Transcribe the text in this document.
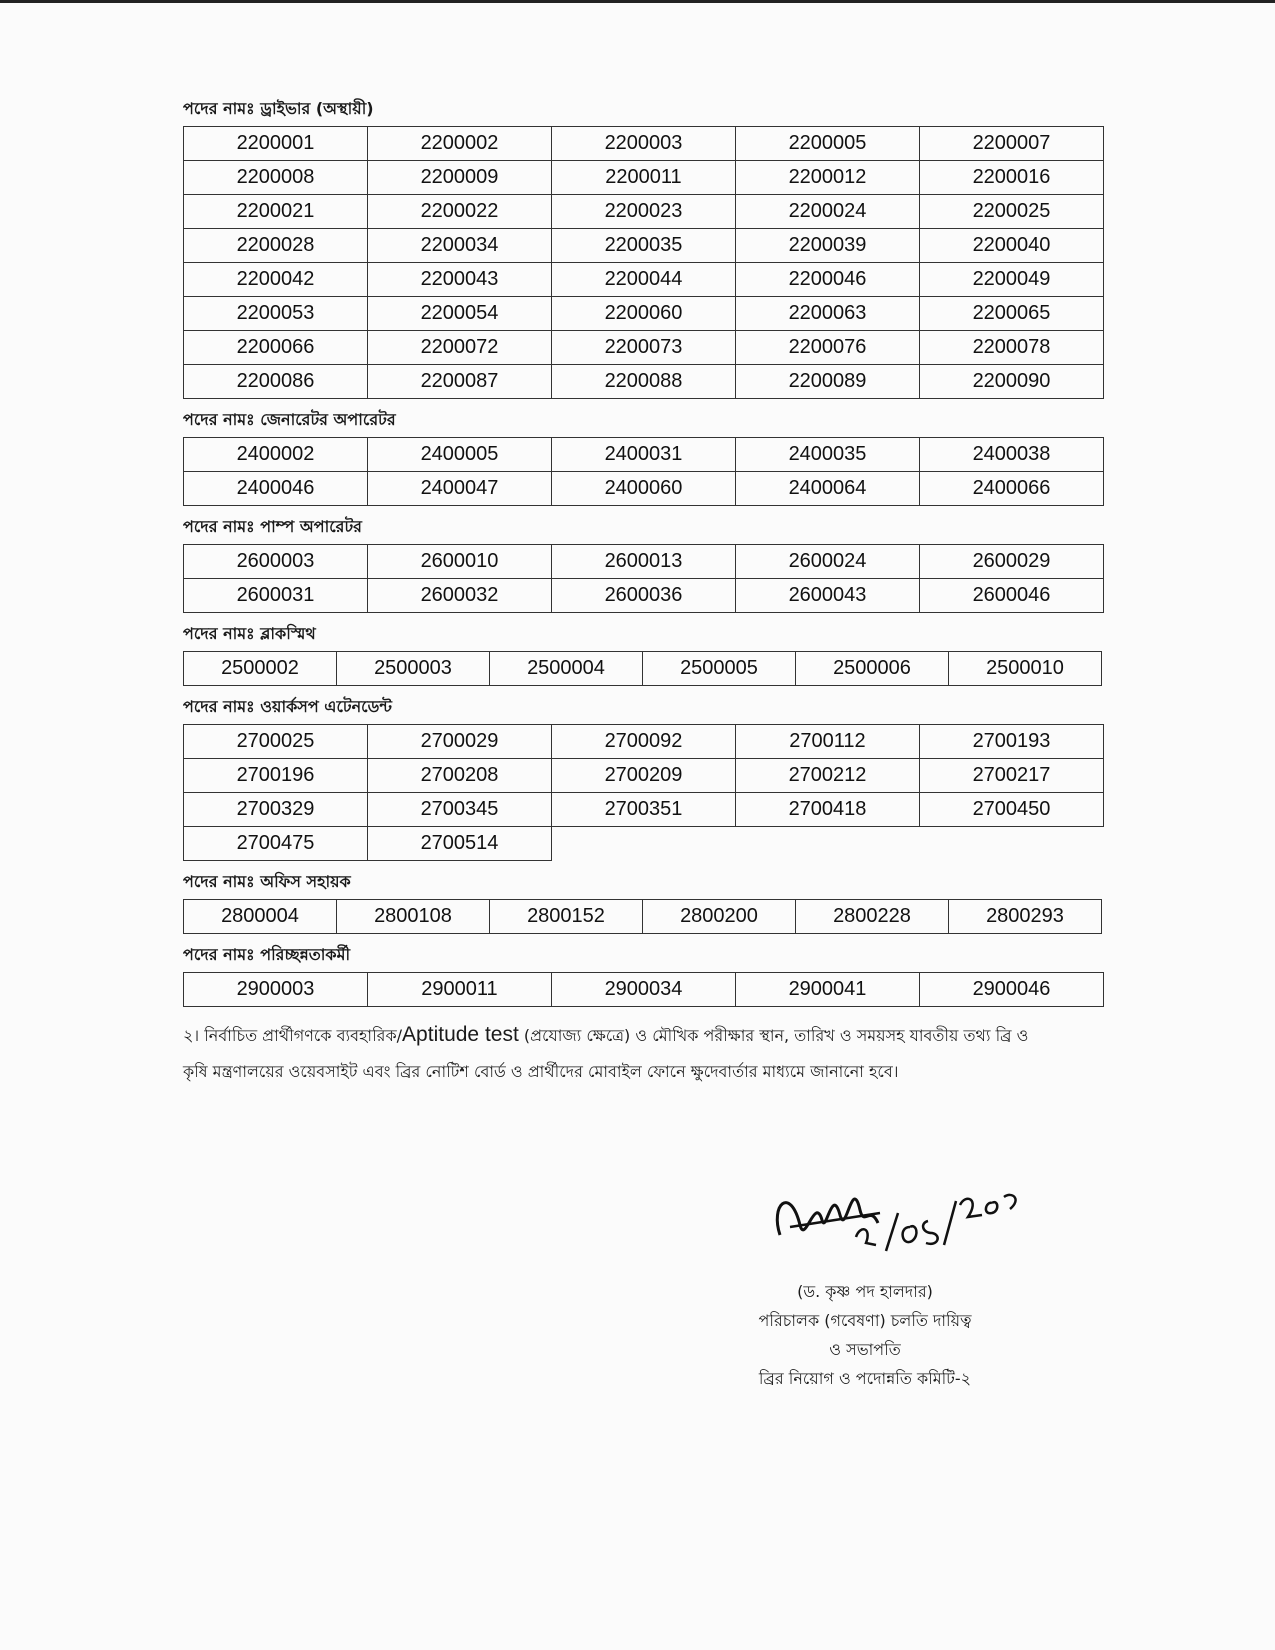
পদের নামঃ ড্রাইভার (অস্থায়ী)
2200001	2200002	2200003	2200005	2200007
2200008	2200009	2200011	2200012	2200016
2200021	2200022	2200023	2200024	2200025
2200028	2200034	2200035	2200039	2200040
2200042	2200043	2200044	2200046	2200049
2200053	2200054	2200060	2200063	2200065
2200066	2200072	2200073	2200076	2200078
2200086	2200087	2200088	2200089	2200090
পদের নামঃ জেনারেটর অপারেটর
2400002	2400005	2400031	2400035	2400038
2400046	2400047	2400060	2400064	2400066
পদের নামঃ পাম্প অপারেটর
2600003	2600010	2600013	2600024	2600029
2600031	2600032	2600036	2600043	2600046
পদের নামঃ ব্লাকস্মিথ
2500002	2500003	2500004	2500005	2500006	2500010
পদের নামঃ ওয়ার্কসপ এটেনডেন্ট
2700025	2700029	2700092	2700112	2700193
2700196	2700208	2700209	2700212	2700217
2700329	2700345	2700351	2700418	2700450
2700475	2700514			
পদের নামঃ অফিস সহায়ক
2800004	2800108	2800152	2800200	2800228	2800293
পদের নামঃ পরিচ্ছন্নতাকর্মী
2900003	2900011	2900034	2900041	2900046
২। নির্বাচিত প্রার্থীগণকে ব্যবহারিক/Aptitude test (প্রযোজ্য ক্ষেত্রে) ও মৌখিক পরীক্ষার স্থান, তারিখ ও সময়সহ যাবতীয় তথ্য ব্রি ও কৃষি মন্ত্রণালয়ের ওয়েবসাইট এবং ব্রির নোটিশ বোর্ড ও প্রার্থীদের মোবাইল ফোনে ক্ষুদেবার্তার মাধ্যমে জানানো হবে।
(ড. কৃষ্ণ পদ হালদার)
পরিচালক (গবেষণা) চলতি দায়িত্ব
ও সভাপতি
ব্রির নিয়োগ ও পদোন্নতি কমিটি-২
